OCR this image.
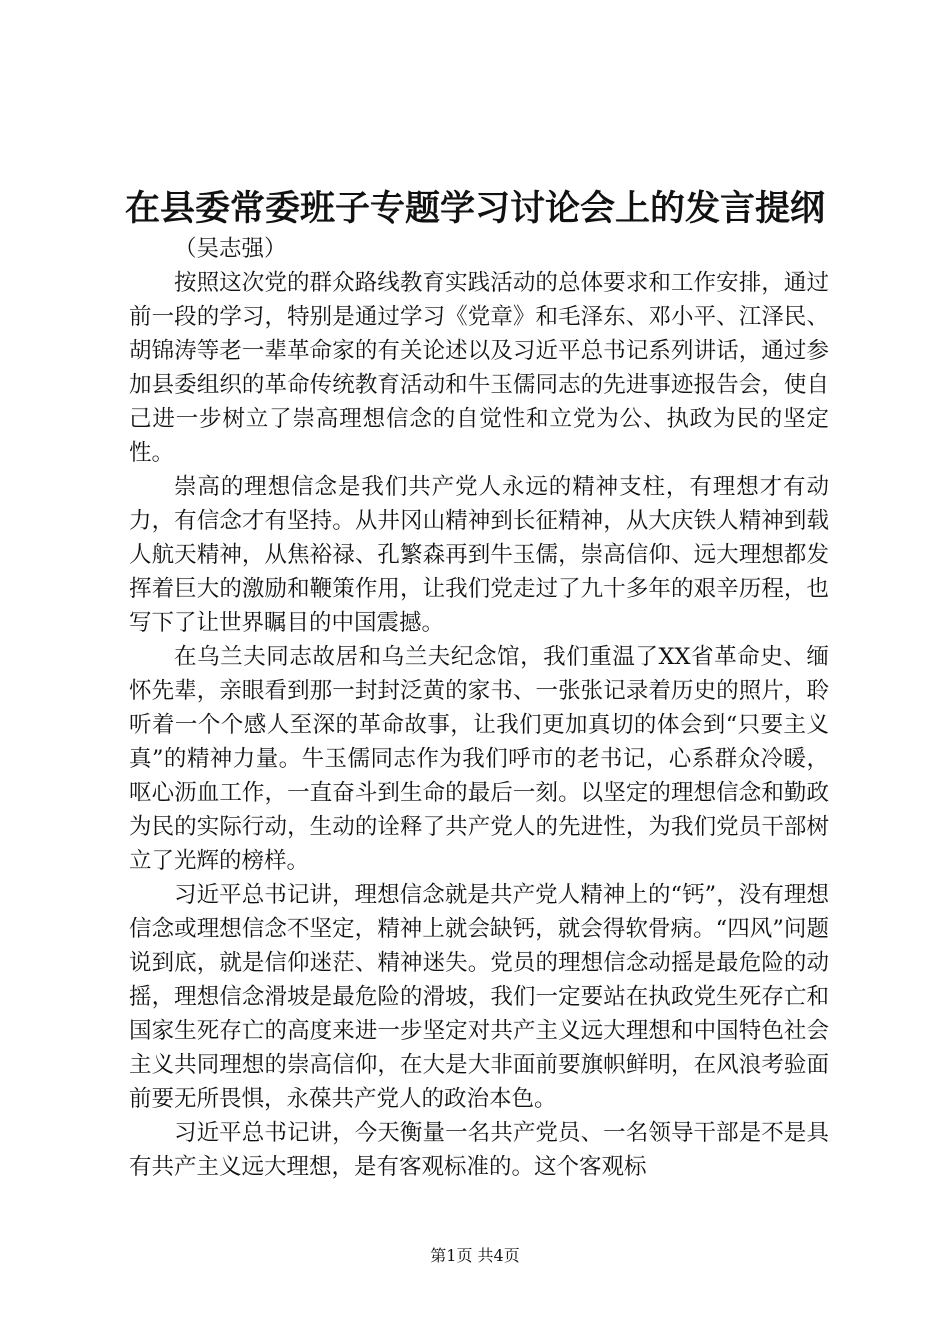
在县委常委班子专题学习讨论会上的发言提纲

（吴志强）

按照这次党的群众路线教育实践活动的总体要求和工作安排，通过前一段的学习，特别是通过学习《党章》和毛泽东、邓小平、江泽民、胡锦涛等老一辈革命家的有关论述以及习近平总书记系列讲话，通过参加县委组织的革命传统教育活动和牛玉儒同志的先进事迹报告会，使自己进一步树立了崇高理想信念的自觉性和立党为公、执政为民的坚定性。

崇高的理想信念是我们共产党人永远的精神支柱，有理想才有动力，有信念才有坚持。从井冈山精神到长征精神，从大庆铁人精神到载人航天精神，从焦裕禄、孔繁森再到牛玉儒，崇高信仰、远大理想都发挥着巨大的激励和鞭策作用，让我们党走过了九十多年的艰辛历程，也写下了让世界瞩目的中国震撼。

在乌兰夫同志故居和乌兰夫纪念馆，我们重温了XX省革命史、缅怀先辈，亲眼看到那一封封泛黄的家书、一张张记录着历史的照片，聆听着一个个感人至深的革命故事，让我们更加真切的体会到“只要主义真”的精神力量。牛玉儒同志作为我们呼市的老书记，心系群众冷暖，呕心沥血工作，一直奋斗到生命的最后一刻。以坚定的理想信念和勤政为民的实际行动，生动的诠释了共产党人的先进性，为我们党员干部树立了光辉的榜样。

习近平总书记讲，理想信念就是共产党人精神上的“钙”，没有理想信念或理想信念不坚定，精神上就会缺钙，就会得软骨病。“四风”问题说到底，就是信仰迷茫、精神迷失。党员的理想信念动摇是最危险的动摇，理想信念滑坡是最危险的滑坡，我们一定要站在执政党生死存亡和国家生死存亡的高度来进一步坚定对共产主义远大理想和中国特色社会主义共同理想的崇高信仰，在大是大非面前要旗帜鲜明，在风浪考验面前要无所畏惧，永葆共产党人的政治本色。

习近平总书记讲，今天衡量一名共产党员、一名领导干部是不是具有共产主义远大理想，是有客观标准的。这个客观标

第1页 共4页
